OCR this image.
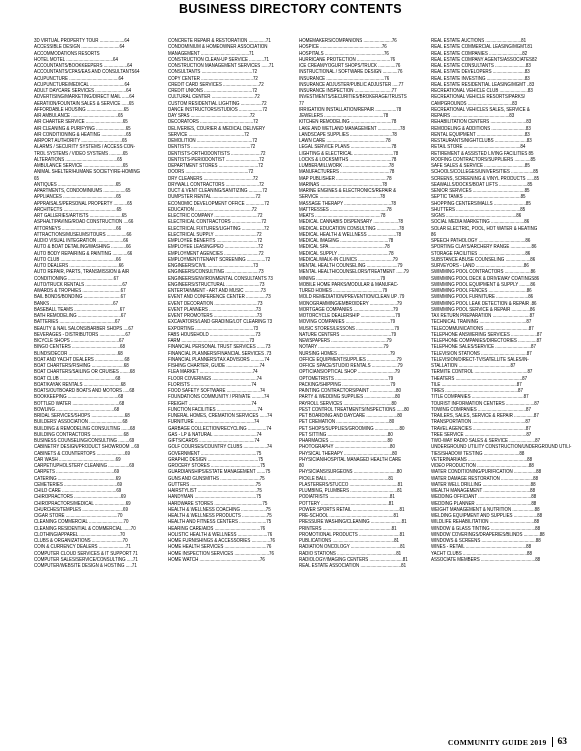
BUSINESS DIRECTORY CONTENTS
3D VIRTUAL PROPERTY TOUR ....................64
ACCESSIBLE DESIGN ...............................64
ACCOMMODATIONS RESORTS
HOTEL MOTEL ......................................64
ACCOUNTANTS/BOOKKEEPERS ...................64
ACCOUNTANTS/CPAS/EAS AND CONSULTANTS64
ACUPUNCTURE ........................................64
ACUPUNCTURE/MEDICAL ............................64
ADULT DAYCARE SERVICES .........................64
ADVERTISING/MARKETING/DIRECT MAIL ......64
AERATION/FOUNTAIN SALES & SERVICE ......65
AFFORDABLE HOUSING ..............................65
AIR AMBULANCE ......................................65
AIR CHARTER SERVICE ..............................65
AIR CLEANING & PURIFYING ........................65
AIR CONDITIONING & HEATING ....................65
AIRPORT AUTHORITY .................................65
ALARMS / SECURITY SYSTEMS / ACCESS CON-
TROL SYSTEMS / VIDEO SYSTEMS ...........65
ALTERATIONS ..........................................65
AMBULANCE SERVICE ................................65
ANIMAL SHELTER/HUMANE SOCIETY/RE-HOMING
65
ANTIQUES ...............................................65
APARTMENTS, CONDOMINIUMS ..................65
APPLIANCES ...........................................65
APPRAISALS/PERSONAL PROPERTY ...........65
ARCHITECTS ...........................................65
ART GALLERIES/ARTISTS ..........................65
ASPHALT/PAVING/ROAD CONSTRUCTION ....66
ATTORNEYS ............................................66
ATTRACTIONS/MUSEUMS/TOURS ................66
AUDIO VISUAL INTEGRATION .....................66
AUTO & BOAT DETAILING/WASHING ............66
AUTO BODY REPAIRING & PAINTING ............66
AUTO CLUB .............................................66
AUTO DEALERS ........................................66
AUTO REPAIR, PARTS, TRANSMISSION & AIR
CONDITIONING .....................................67
AUTO/TRUCK RENTALS ..............................67
AWARDS & TROPHIES ...............................67
BAIL BONDS/BONDING ..............................67
BANKS ...................................................67
BASEBALL TEAMS .....................................67
BATH REMODELING ...................................67
BATTERIES .............................................67
BEAUTY & NAIL SALONS/BARBER SHOPS ....67
BEVERAGES - DISTRIBUTORS .....................67
BICYCLE SHOPS .......................................67
BINGO CENTERS .......................................68
BLINDS/DECOR ........................................68
BOAT AND YACHT DEALERS ........................68
BOAT CHARTERS/FISHING ..........................68
BOAT CHARTERS/SAILING OR CRUISES ........68
BOAT CLUB .............................................68
BOAT/KAYAK RENTALS ..............................68
BOATS/OUTBOARD BOATS AND MOTORS .....68
BOOKKEEPING .........................................68
BOTTLED WATER ......................................68
BOWLING ...............................................68
BRIDAL SERVICES/SHOPS ...........................68
BUILDERS' ASSOCIATION ...........................68
BUILDING & REMODELING CONSULTING .......68
BUILDING CONTRACTORS ..........................68
BUSINESS COUNSELING/CONSULTING .........69
CABINETRY DESIGN/PRODUCT SHOWROOM ...69
CABINETS & COUNTERTOPS .......................69
CAR WASH ..............................................69
CARPET/UPHOLSTERY CLEANING .................69
CARPETS ...............................................69
CATERING ...............................................69
CEMETERIES ...........................................69
CHILD CARE ............................................69
CHIROPRACTORS ......................................69
CHIROPRACTORS/MEDICAL .........................69
CHURCHES/TEMPLES .................................69
CIGAR STORE ..........................................70
CLEANING COMMERCIAL ............................70
CLEANING RESIDENTIAL & COMMERCIAL ......70
CLOTHING/APPAREL .................................70
CLUBS & ORGANIZATIONS .........................70
COIN & CURRENCY DEALERS ......................71
COMPUTER CLOUD SERVICES & IT SUPPORT 71
COMPUTER SALES/SERVICE/CONSULTING .....71
COMPUTER/WEBSITE DESIGN & HOSTING .....71
CONCRETE REPAIR & RESTORATION ..............71
CONDOMINIUM & HOMEOWNER ASSOCIATION
MANAGEMENT .......................................71
CONSTRUCTION CLEAN-UP SERVICE ............71
CONSTRUCTION MANAGEMENT SERVICES ......71
CONSULTANTS .........................................72
COPY CENTER ..........................................72
CREDIT CARD SERVICES .............................72
CREDIT UNIONS .......................................72
CULTURAL CENTER ...................................72
CUSTOM RESIDENTIAL LIGHTING .................72
DANCE INSTRUCTORS/STUDIOS ...................72
DAY SPAS ................................................72
DECORATORS ...........................................72
DELIVERIES, COURIER & MEDICAL DELIVERY
SERVICE .............................................72
DEMOLITION .............................................72
DENTISTS ................................................72
DENTISTS-ORTHODONTISTS ........................72
DENTISTS-PERIODONTIST ...........................72
DEPARTMENT STORES ................................72
DOORS ...................................................72
DRY CLEANERS ........................................72
DRYWALL CONTRACTORS ...........................72
DUCT & VENT CLEANING/SANITIZING ...........72
DUMPSTER RENTAL ...................................72
ECONOMIC DEVELOPMENT OFFICE ...............72
EDUCATION ..............................................72
ELECTRIC COMPANY ...................................72
ELECTRICAL CONTRACTORS ........................72
ELECTRICAL FIXTURES/LIGHTING ..................72
ELECTRICAL SUPPLY ..................................72
EMPLOYEE BENEFITS .................................72
EMPLOYEE LEASING/PEO ...........................72
EMPLOYMENT AGENCIES ............................72
EMPLOYMENT/TENANT SCREENING ...............72
ENGINEERS/CIVIL .....................................73
ENGINEERS/CONSULTING ...........................73
ENGINEERS/ENVIRONMENTAL CONSULTANTS 73
ENGINEERS/STRUCTURAL ...........................73
ENTERTAINMENT - ART AND MUSIC .............73
EVENT AND CONFERENCE CENTER ................73
EVENT DECORATION ...................................73
EVENT PLANNERS ......................................73
EVENT PROMOTERS ...................................73
EXCAVATORS/LAND GRADING/LOT CLEARING 73
EXPORTING ...............................................73
FABS HOUSEHOLD .....................................73
FARM .......................................................73
FINANCIAL PERSONAL TRUST SERVICES .......73
FINANCIAL PLANNERS/FINANCIAL SERVICES .73
FINANCIAL PLANNERS/TAX ADVISORS ...........74
FISHING CHARTER, GUIDE ...........................74
FLEA MARKET ...........................................74
FLOOR COVERINGS ....................................74
FLORISTS .................................................74
FOOD SAFETY SOFTWARE ...........................74
FOUNDATIONS COMMUNITY / PRIVATE ..........74
FREIGHT ...................................................74
FUNCTION FACILITIES .................................74
FUNERAL HOMES, CREMATION SERVICES ......74
FURNITURE ................................................74
GARBAGE COLLECTION/RECYCLING ...............74
GAS - LP & NATURAL ...................................74
GIFTS/CARDS .............................................74
GOLF COURSES/COUNTRY CLUBS ...................74
GOVERNMENT .............................................75
GRAPHIC DESIGN .........................................75
GROCERY STORES ........................................75
GUARDIANSHIPS/ESTATE MANAGEMENT .......75
GUNS AND GUNSMITHS ................................75
GUTTERS .....................................................75
HAIRSTYLIST ................................................75
HANDYMAN ..................................................75
HARDWARE STORES .......................................75
HEALTH & WELLNESS COACHING ....................75
HEALTH & WELLNESS PRODUCTS ....................75
HEALTH AND FITNESS CENTERS ......................75
HEARING CARE/AIDS .....................................76
HOLISTIC HEALTH & WELLNESS ........................76
HOME FURNISHINGS & ACCESSORIES ...............76
HOME HEALTH SERVICES ..................................76
HOME INSPECTION SERVICES ............................76
HOME WATCH .................................................76
HOMEMAKERS/COMPANIONS .......................76
HOSPICE ..................................................76
HOSPITALS ................................................76
HURRICANE PROTECTION ...........................76
ICE CREAM/YOGURT SHOPS/TRUCK ..............76
INSTRUCTIONAL / SOFTWARE DESIGN ............76
INSURANCE ...............................................76
INSURANCE ADJUSTER/PUBLIC ADJUSTER .....77
INSURANCE INSPECTION ..............................77
INVESTMENTS/SECURITIES/BROKERAGE/TRUSTS
77
IRRIGATION INSTALLATION/REPAIR .................78
JEWELERS ................................................78
KITCHEN REMODELING .................................78
LAKE AND WETLAND MANAGEMENT ..................78
LANDSCAPE SUPPLIES ..................................78
LAWN CARE ................................................78
LEGAL SERVICE PLANS .................................78
LIGHTING & ELECTRICAL ................................78
LOCKS & LOCKSMITHS ..................................78
LUMBER/MILLWORK .....................................78
MANUFACTURERS ........................................78
MAP PUBLISHER .........................................78
MARINAS ..................................................78
MARINE ENGINES & ELECTRONICS/REPAIR &
SERVICE .................................................78
MASSAGE THERAPY ......................................78
MATTRESSES ..............................................78
MEATS .....................................................78
MEDICAL CANNABIS DISPENSARY ....................78
MEDICAL EDUCATION CONSULTING ..................78
MEDICAL HEALTH & WELLNESS .......................78
MEDICAL IMAGING .......................................78
MEDICAL SPA .............................................78
MEDICAL SUPPLY .........................................78
MEDICAL/WALK-IN CLINICS ............................79
MENTAL HEALTH COUNSELING .........................79
MENTAL HEALTH/COUNSELORS/TREATMENT ......79
MINING ....................................................79
MOBILE HOME PARKS/MODULAR & MANUFAC-
TURED HOMES ........................................79
MOLD REMEDIATION/PREVENTION/CLEAN UP .79
MONOGRAMMING/EMBROIDERY ......................79
MORTGAGE COMPANIES ................................79
MOTORCYCLE DEALERSHIP ............................79
MOVING COMPANIES ....................................79
MUSIC STORES/LESSONS ...............................79
NATURE CENTERS .........................................79
NEWSPAPERS .............................................79
NOTARY .....................................................79
NURSING HOMES ..........................................79
OFFICE EQUIPMENT/SUPPLIES ........................79
OFFICE SPACE/STUDIO RENTALS .....................79
OPTICIANS/OPTICAL SHOP ..............................79
OPTOMETRISTS ...........................................79
PACKING/SHIPPING .......................................79
PAINTING CONTRACTORS/PAINT .....................80
PARTY & WEDDING SUPPLIES .........................80
PAYROLL SERVICES .......................................80
PEST CONTROL TREATMENTS/INSPECTIONS ......80
PET BOARDING AND DAYCARE .........................80
PET CREMATION ...........................................80
PET SHOPS/SUPPLIES/GROOMING ....................80
PET SITTING .................................................80
PHARMACIES ...............................................80
PHOTOGRAPHY .............................................80
PHYSICAL THERAPY .......................................80
PHYSICIAN/HOSPITAL MANAGED HEALTH CARE
80
PHYSICIANS/SURGEONS ...................................80
PICKLE BALL .................................................81
PLASTERERS/STUCCO .......................................81
PLUMBING, PLUMBERS ......................................81
PODIATRISTS .................................................81
POTTERY .......................................................81
POWER SPORTS RETAIL ......................................81
PRE-SCHOOL ....................................................81
PRESSURE WASHING/CLEANING .........................81
PRINTERS ........................................................81
PROMOTIONAL PRODUCTS .................................81
PUBLICATIONS ..................................................81
RADIATION ONCOLOGY ........................................81
RADIO STATIONS ................................................81
RADIOLOGY/IMAGING CENTERS ...........................81
REAL ESTATE ASSOCIATION .................................81
REAL ESTATE AUCTIONS .............................81
REAL ESTATE COMMERCIAL LEASING/MGMT.81
REAL ESTATE COMPANIES ...........................82
REAL ESTATE COMPANY AGENTS/ASSOCIATES82
REAL ESTATE CONSULTANTS .........................83
REAL ESTATE DEVELOPERS ..........................83
REAL ESTATE INVESTING ...............................83
REAL ESTATE RESIDENTIAL LEASING/MGMT ..83
RECREATIONAL VEHICLE CLUB .......................83
RECREATIONAL VEHICLE RESORTS/PARKS/
CAMPGROUNDS ....................................83
RECREATIONAL VEHICLES SALES, SERVICE &
REPAIRS ...............................................83
REHABILITATION CENTERS .............................83
REMODELING & ADDITIONS ............................83
RENTAL EQUIPMENT .......................................83
RESTAURANTS/NIGHTCLUBS ..........................83
RETAIL STORE ..............................................84
RETIREMENT & ASSISTED LIVING FACILITIES 85
ROOFING CONTRACTORS/SUPPLIERS .............85
SAFE SALES & SERVICE .................................85
SCHOOLS/COLLEGES/UNIVERSITIES ..................85
SCREENS, SCREENING & VINYL PRODUCTS ......85
SEAWALLS/DOCKS/BOAT LIFTS .......................85
SENIOR SERVICES ..........................................85
SEPTIC TANKS ..............................................85
SHOPPING CENTERS/MALLS ..........................85
SHUTTERS ....................................................85
SIGNS .........................................................86
SOCIAL MEDIA MARKETING ...........................86
SOLAR ELECTRIC, POOL, HOT WATER & HEATING
86
SPEECH PATHOLOGY ......................................86
SPORTING CLAYS/ARCHERY RANGE .................86
STORAGE FACILITIES ......................................86
SUBSTANCE ABUSE COUNSELING ....................86
SURVEYORS - LAND .......................................86
SWIMMING POOL CONTRACTORS .....................86
SWIMMING POOL DECK & DRIVEWAY COATINGS86
SWIMMING POOL EQUIPMENT & SUPPLY .........86
SWIMMING POOL FENCES ...............................86
SWIMMING POOL FURNITURE ..........................86
SWIMMING POOL LEAK DETECTION & REPAIR .86
SWIMMING POOL SERVICE & REPAIR ...............86
TAX RETURN PREPARATION ..............................87
TECHNICAL TRAINING ......................................87
TELECOMMUNICATIONS ....................................87
TELEPHONE ANSWERING SERVICES .....................87
TELEPHONE COMPANIES/DIRECTORIES ...............87
TELEPHONE SALES/SERVICE .............................87
TELEVISION STATIONS .....................................87
TELEVISION/DIRECT-TV/SATELLITE SALES/IN-
STALLATION ..........................................87
TERMITE CONTROL ...........................................87
THEATERS ......................................................87
TILE .............................................................87
TIRES ...........................................................87
TITLE COMPANIES ..........................................87
TOURIST INFORMATION CENTERS .......................87
TOWING COMPANIES .......................................87
TRAILERS, SALES, SERVICE & REPAIR ................87
TRANSPORTATION ...........................................87
TRAVEL AGENCIES ...........................................87
TREE SERVICE ..................................................87
TWO-WAY RADIO SALES & SERVICE .....................87
UNDERGROUND UTILITY CONSTRUCTION/UNDERGROUND UTILI-
TIES/SHADOW TESTING .............................88
VETERINARIANS ................................................88
VIDEO PRODUCTION ..........................................88
WATER CONDITIONING/PURIFICATION ..................88
WATER DAMAGE RESTORATION ..........................88
WATER WELL DRILLING .......................................88
WEALTH MANAGEMENT ......................................88
WEDDING OFFICIANT ...........................................88
WEDDING PLANNER .............................................88
WEIGHT MANAGEMENT & NUTRITION ..................88
WELDING EQUIPMENT AND SUPPLIES ...................88
WILDLIFE REHABILITATION ....................................88
WINDOW & GLASS TINTING ....................................88
WINDOW COVERINGS/DRAPERIES/BLINDS .............88
WINDOWS & SCREENS ............................................88
WINES - RETAIL .................................................88
YACHT CLUBS ....................................................88
ASSOCIATE MEMBERS ............................................88
COMMUNITY GUIDE 2019 63
